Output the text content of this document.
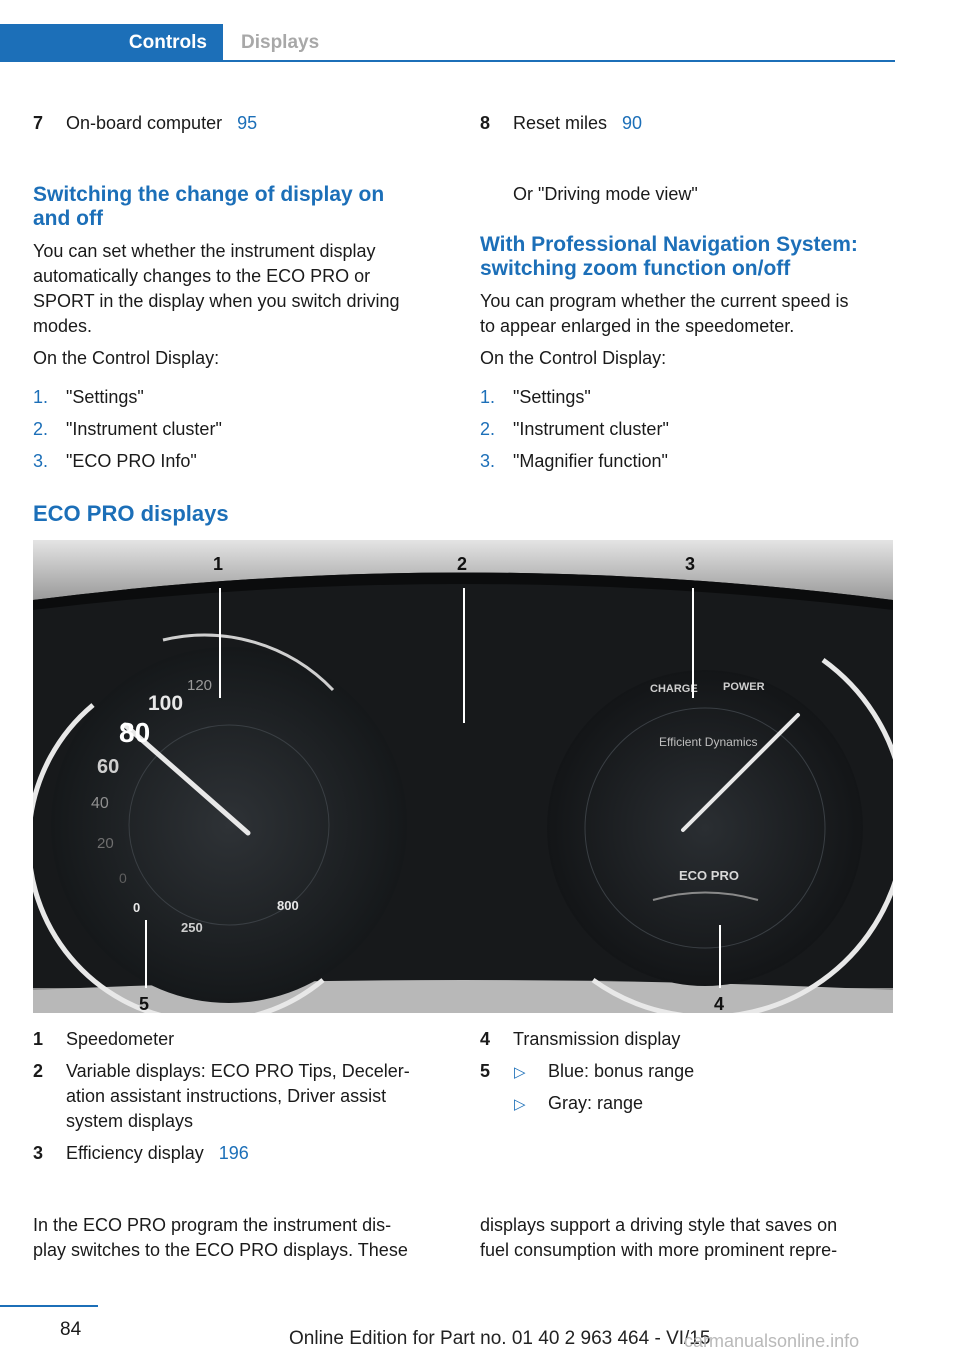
Controls	Displays
7 On-board computer 95
Switching the change of display on
and off
You can set whether the instrument display
automatically changes to the ECO PRO or
SPORT in the display when you switch driving
modes.
On the Control Display:
1. "Settings"
2. "Instrument cluster"
3. "ECO PRO Info"
8 Reset miles 90
Or "Driving mode view"
With Professional Navigation System:
switching zoom function on/off
You can program whether the current speed is
to appear enlarged in the speedometer.
On the Control Display:
1. "Settings"
2. "Instrument cluster"
3. "Magnifier function"
ECO PRO displays
100
120
80
60
40
20
0
0
250
800
CHARGE POWER
Efficient Dynamics
ECO PRO
1	2	3
4
5
1 Speedometer
2 Variable displays: ECO PRO Tips, Deceler-
ation assistant instructions, Driver assist
system displays
3 Efficiency display 196
4 Transmission display
5 ▷ Blue: bonus range
▷ Gray: range
In the ECO PRO program the instrument dis-
play switches to the ECO PRO displays. These
displays support a driving style that saves on
fuel consumption with more prominent repre-
84	Online Edition for Part no. 01 40 2 963 464 - VI/15
carmanualsonline.info
